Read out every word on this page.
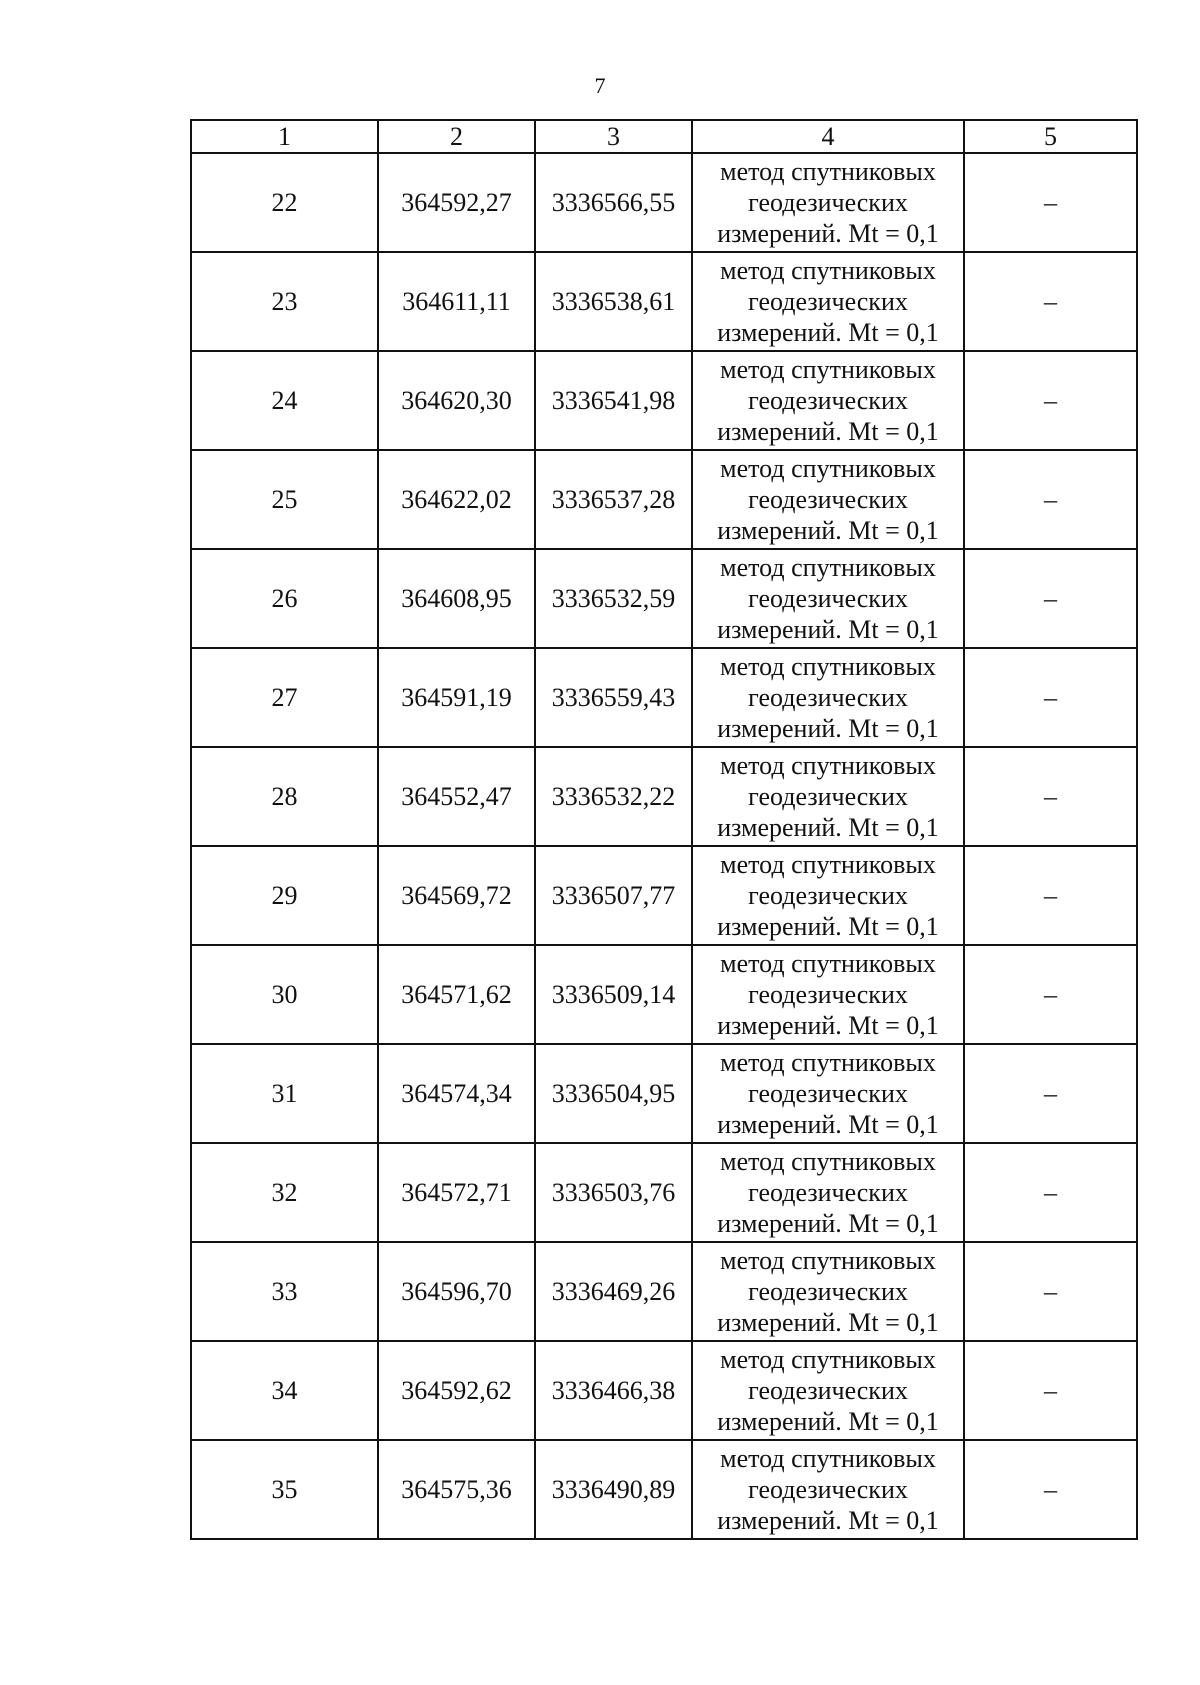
7
1	2	3	4	5
22	364592,27	3336566,55	метод спутниковых геодезических измерений. Mt = 0,1	–
23	364611,11	3336538,61	метод спутниковых геодезических измерений. Mt = 0,1	–
24	364620,30	3336541,98	метод спутниковых геодезических измерений. Mt = 0,1	–
25	364622,02	3336537,28	метод спутниковых геодезических измерений. Mt = 0,1	–
26	364608,95	3336532,59	метод спутниковых геодезических измерений. Mt = 0,1	–
27	364591,19	3336559,43	метод спутниковых геодезических измерений. Mt = 0,1	–
28	364552,47	3336532,22	метод спутниковых геодезических измерений. Mt = 0,1	–
29	364569,72	3336507,77	метод спутниковых геодезических измерений. Mt = 0,1	–
30	364571,62	3336509,14	метод спутниковых геодезических измерений. Mt = 0,1	–
31	364574,34	3336504,95	метод спутниковых геодезических измерений. Mt = 0,1	–
32	364572,71	3336503,76	метод спутниковых геодезических измерений. Mt = 0,1	–
33	364596,70	3336469,26	метод спутниковых геодезических измерений. Mt = 0,1	–
34	364592,62	3336466,38	метод спутниковых геодезических измерений. Mt = 0,1	–
35	364575,36	3336490,89	метод спутниковых геодезических измерений. Mt = 0,1	–
